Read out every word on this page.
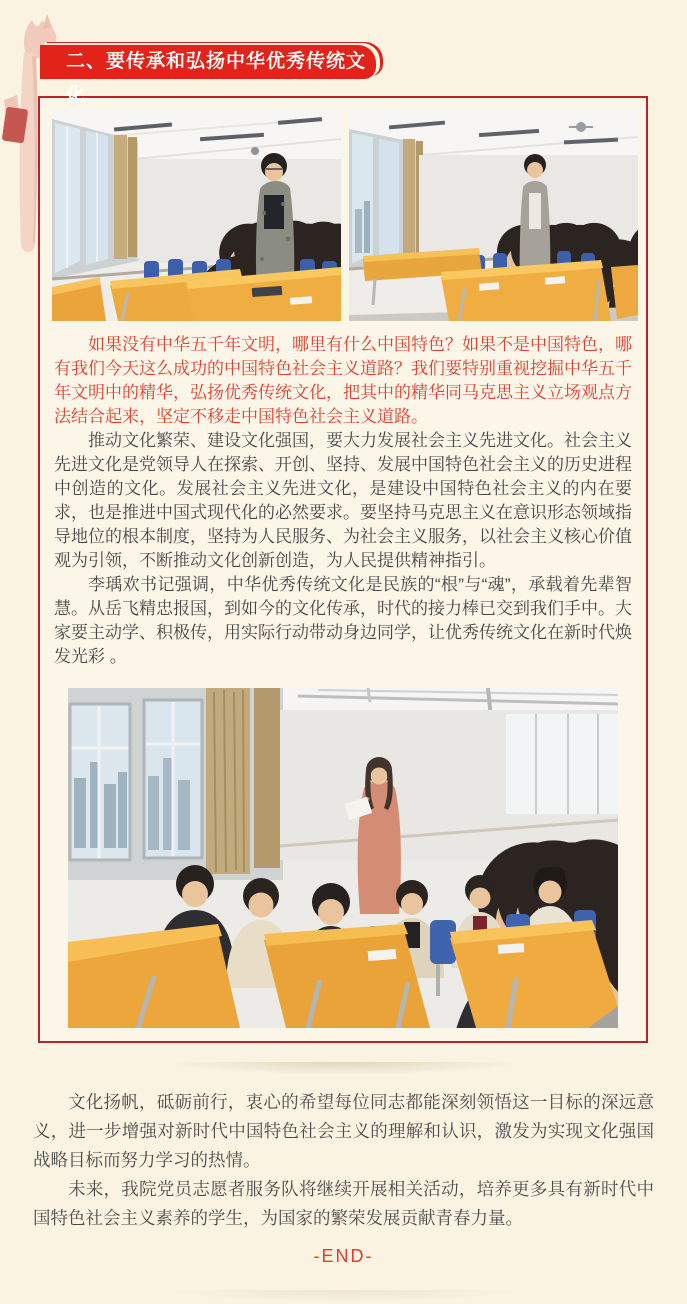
二、要传承和弘扬中华优秀传统文化

如果没有中华五千年文明，哪里有什么中国特色？如果不是中国特色，哪有我们今天这么成功的中国特色社会主义道路？我们要特别重视挖掘中华五千年文明中的精华，弘扬优秀传统文化，把其中的精华同马克思主义立场观点方法结合起来，坚定不移走中国特色社会主义道路。

推动文化繁荣、建设文化强国，要大力发展社会主义先进文化。社会主义先进文化是党领导人在探索、开创、坚持、发展中国特色社会主义的历史进程中创造的文化。发展社会主义先进文化，是建设中国特色社会主义的内在要求，也是推进中国式现代化的必然要求。要坚持马克思主义在意识形态领域指导地位的根本制度，坚持为人民服务、为社会主义服务，以社会主义核心价值观为引领，不断推动文化创新创造，为人民提供精神指引。

李瑀欢书记强调，中华优秀传统文化是民族的“根”与“魂”，承载着先辈智慧。从岳飞精忠报国，到如今的文化传承，时代的接力棒已交到我们手中。大家要主动学、积极传，用实际行动带动身边同学，让优秀传统文化在新时代焕发光彩 。

文化扬帆，砥砺前行，衷心的希望每位同志都能深刻领悟这一目标的深远意义，进一步增强对新时代中国特色社会主义的理解和认识，激发为实现文化强国战略目标而努力学习的热情。

未来，我院党员志愿者服务队将继续开展相关活动，培养更多具有新时代中国特色社会主义素养的学生，为国家的繁荣发展贡献青春力量。

-END-
